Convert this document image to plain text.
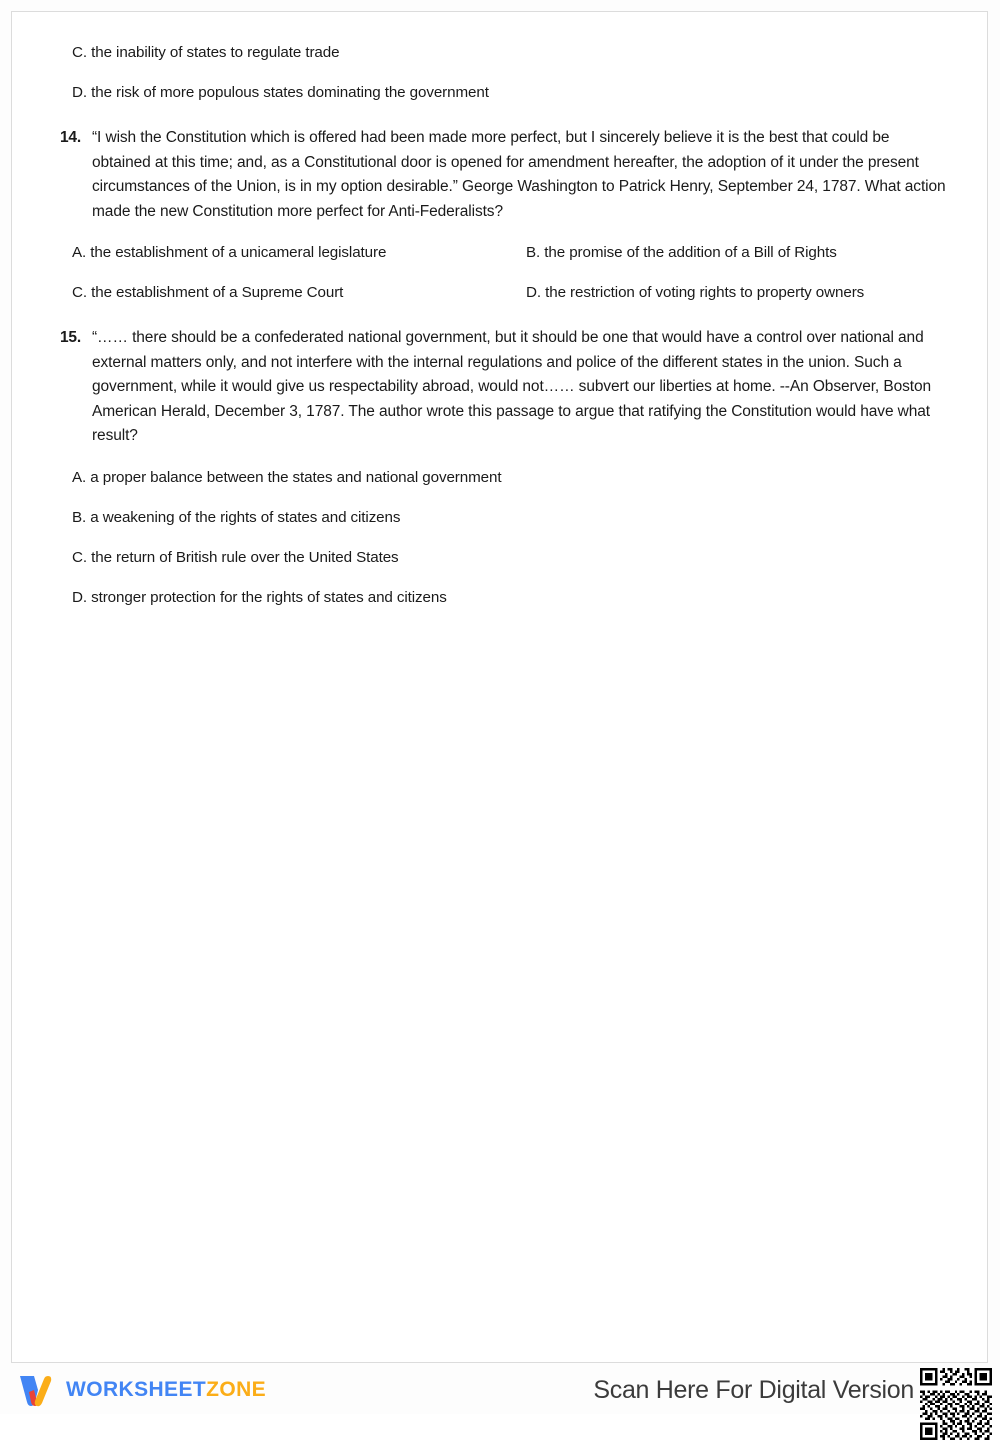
C. the inability of states to regulate trade
D. the risk of more populous states dominating the government
14. “I wish the Constitution which is offered had been made more perfect, but I sincerely believe it is the best that could be obtained at this time; and, as a Constitutional door is opened for amendment hereafter, the adoption of it under the present circumstances of the Union, is in my option desirable.” George Washington to Patrick Henry, September 24, 1787. What action made the new Constitution more perfect for Anti-Federalists?
A. the establishment of a unicameral legislature	B. the promise of the addition of a Bill of Rights
C. the establishment of a Supreme Court	D. the restriction of voting rights to property owners
15. “…… there should be a confederated national government, but it should be one that would have a control over national and external matters only, and not interfere with the internal regulations and police of the different states in the union. Such a government, while it would give us respectability abroad, would not…… subvert our liberties at home. --An Observer, Boston American Herald, December 3, 1787. The author wrote this passage to argue that ratifying the Constitution would have what result?
A. a proper balance between the states and national government
B. a weakening of the rights of states and citizens
C. the return of British rule over the United States
D. stronger protection for the rights of states and citizens
WORKSHEETZONE	Scan Here For Digital Version
